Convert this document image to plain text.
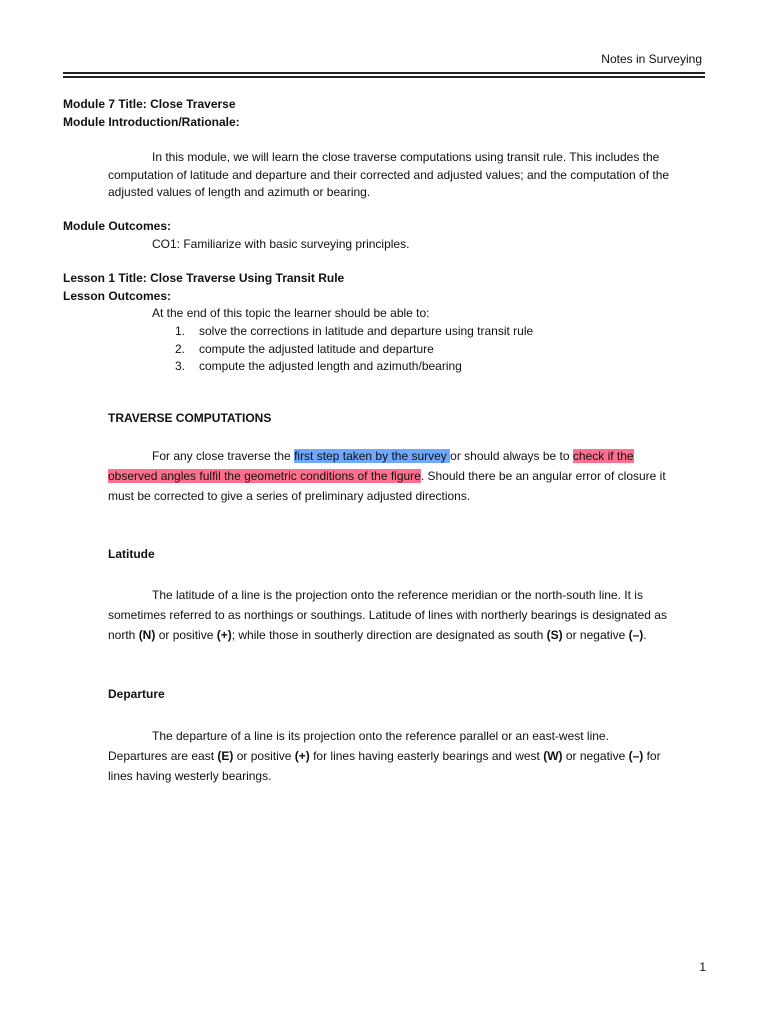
Notes in Surveying
Module 7 Title: Close Traverse
Module Introduction/Rationale:
In this module, we will learn the close traverse computations using transit rule. This includes the computation of latitude and departure and their corrected and adjusted values; and the computation of the adjusted values of length and azimuth or bearing.
Module Outcomes:
CO1: Familiarize with basic surveying principles.
Lesson 1 Title: Close Traverse Using Transit Rule
Lesson Outcomes:
At the end of this topic the learner should be able to:
1. solve the corrections in latitude and departure using transit rule
2. compute the adjusted latitude and departure
3. compute the adjusted length and azimuth/bearing
TRAVERSE COMPUTATIONS
For any close traverse the first step taken by the survey or should always be to check if the
observed angles fulfil the geometric conditions of the figure. Should there be an angular error of closure it
must be corrected to give a series of preliminary adjusted directions.
Latitude
The latitude of a line is the projection onto the reference meridian or the north-south line. It is
sometimes referred to as northings or southings. Latitude of lines with northerly bearings is designated as
north (N) or positive (+); while those in southerly direction are designated as south (S) or negative (–).
Departure
The departure of a line is its projection onto the reference parallel or an east-west line.
Departures are east (E) or positive (+) for lines having easterly bearings and west (W) or negative (–) for
lines having westerly bearings.
1
